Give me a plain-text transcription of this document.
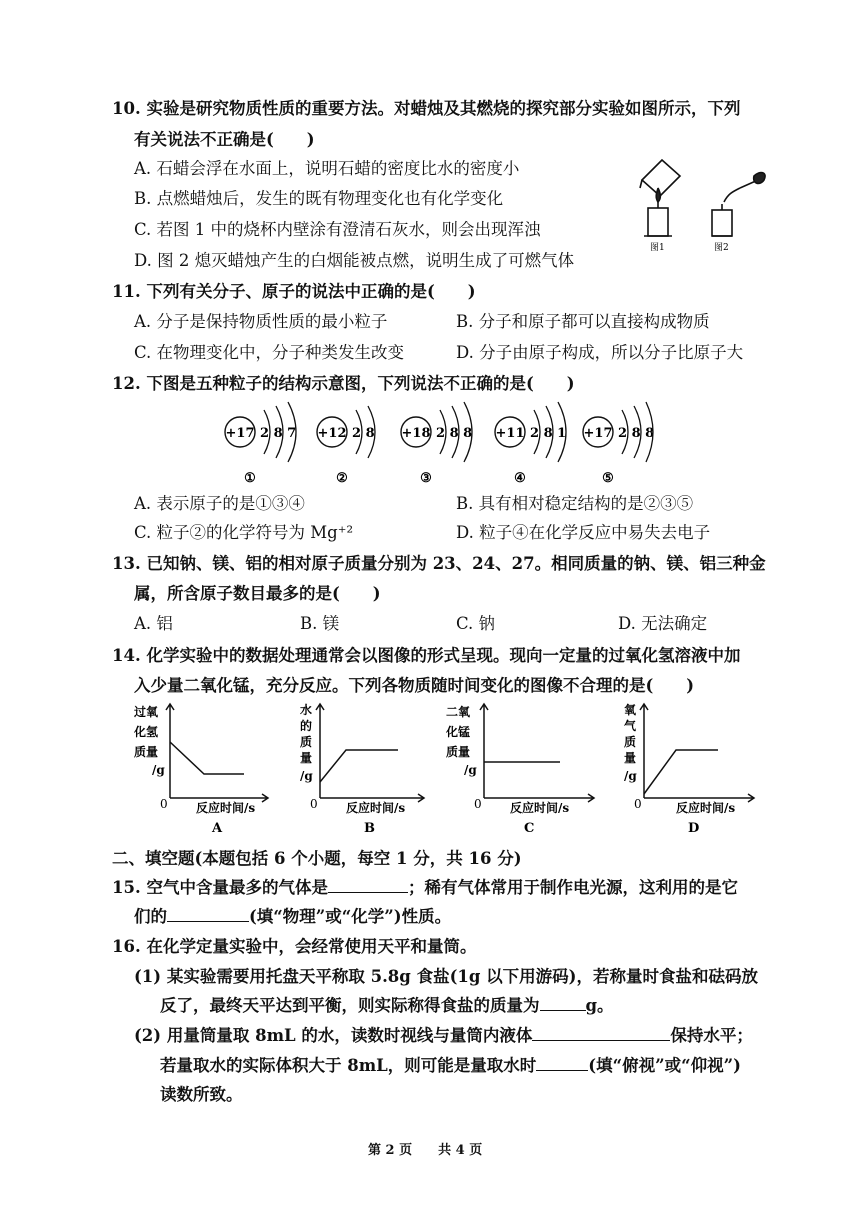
10. 实验是研究物质性质的重要方法。对蜡烛及其燃烧的探究部分实验如图所示，下列
有关说法不正确是(　　)
A. 石蜡会浮在水面上，说明石蜡的密度比水的密度小
B. 点燃蜡烛后，发生的既有物理变化也有化学变化
C. 若图 1 中的烧杯内壁涂有澄清石灰水，则会出现浑浊
D. 图 2 熄灭蜡烛产生的白烟能被点燃，说明生成了可燃气体
图1	图2
11. 下列有关分子、原子的说法中正确的是(　　)
A. 分子是保持物质性质的最小粒子	B. 分子和原子都可以直接构成物质
C. 在物理变化中，分子种类发生改变	D. 分子由原子构成，所以分子比原子大
12. 下图是五种粒子的结构示意图，下列说法不正确的是(　　)
+17 2 8 7
①
+12 2 8
②
+18 2 8 8
③
+11 2 8 1
④
+17 2 8 8
⑤
A. 表示原子的是①③④	B. 具有相对稳定结构的是②③⑤
C. 粒子②的化学符号为 Mg⁺²	D. 粒子④在化学反应中易失去电子
13. 已知钠、镁、铝的相对原子质量分别为 23、24、27。相同质量的钠、镁、铝三种金
属，所含原子数目最多的是(　　)
A. 铝	B. 镁	C. 钠	D. 无法确定
14. 化学实验中的数据处理通常会以图像的形式呈现。现向一定量的过氧化氢溶液中加
入少量二氧化锰，充分反应。下列各物质随时间变化的图像不合理的是(　　)
过氧
化氢
质量
/g
0 反应时间/s
A
水
的
质
量
/g
0 反应时间/s
B
二氧
化锰
质量
/g
0 反应时间/s
C
氧
气
质
量
/g
0	反应时间/s
D
二、填空题(本题包括 6 个小题，每空 1 分，共 16 分)
15. 空气中含量最多的气体是	；稀有气体常用于制作电光源，这利用的是它
们的	(填“物理”或“化学”)性质。
16. 在化学定量实验中，会经常使用天平和量筒。
(1) 某实验需要用托盘天平称取 5.8g 食盐(1g 以下用游码)，若称量时食盐和砝码放
反了，最终天平达到平衡，则实际称得食盐的质量为	g。
(2) 用量筒量取 8mL 的水，读数时视线与量筒内液体	保持水平；
若量取水的实际体积大于 8mL，则可能是量取水时	(填“俯视”或“仰视”)
读数所致。
第 2 页　　共 4 页
